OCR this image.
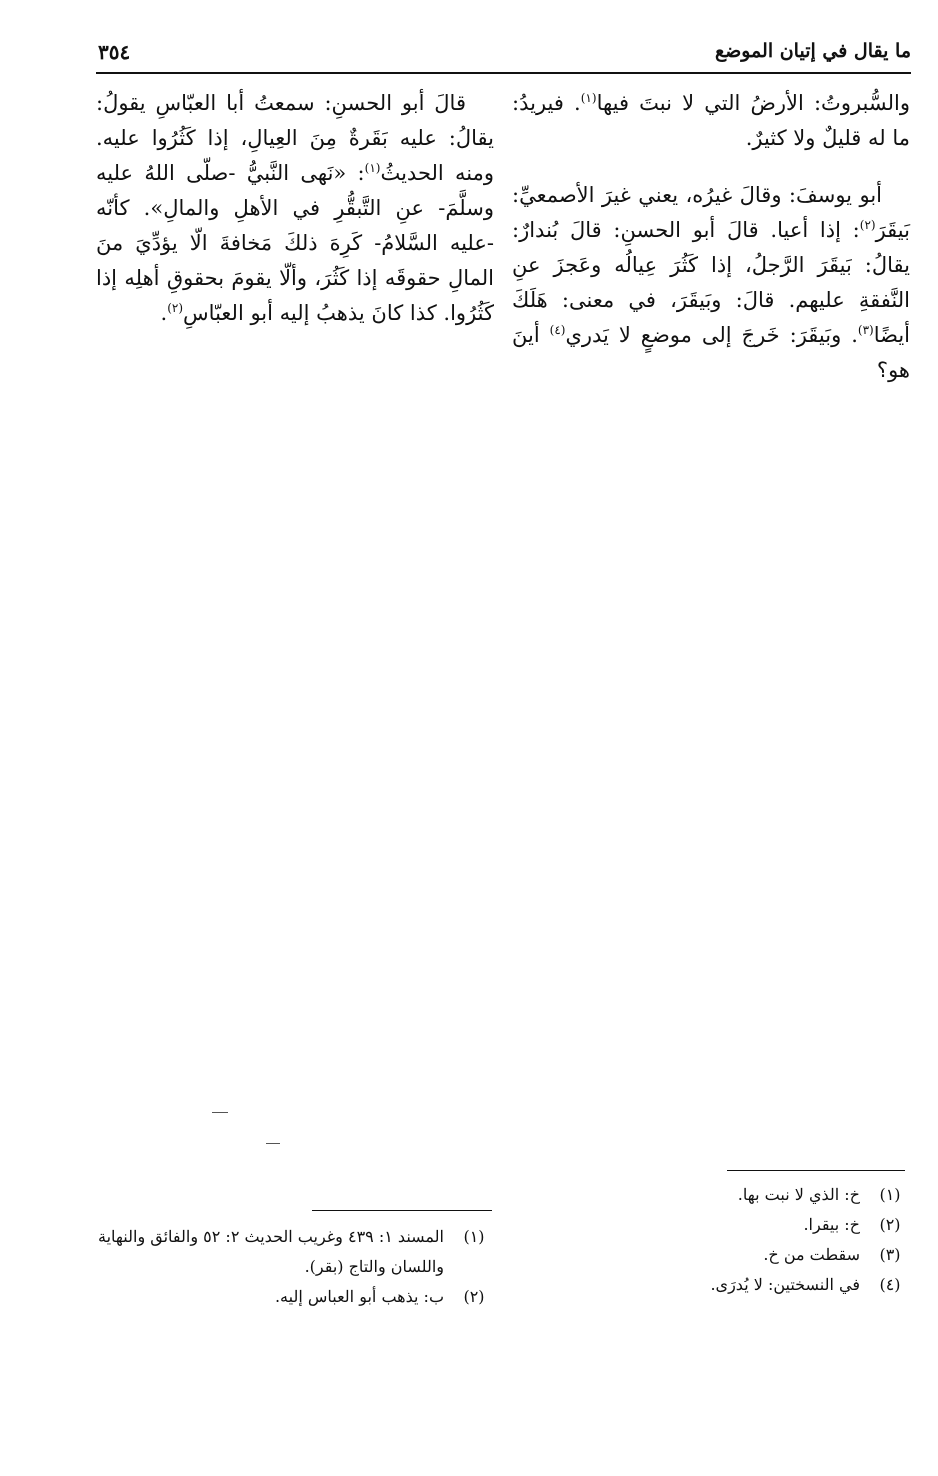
ما يقال في إتيان الموضع
٣٥٤

والسُّبروتُ: الأرضُ التي لا نبتَ فيها$^{(١)}$. فيريدُ: ما له قليلٌ ولا كثيرٌ.

أبو يوسفَ: وقالَ غيرُه، يعني غيرَ الأصمعيِّ: بَيقَرَ$^{(٢)}$: إذا أعيا. قالَ أبو الحسنِ: قالَ بُندارٌ: يقالُ: بَيقَرَ الرَّجلُ، إذا كَثُرَ عِيالُه وعَجزَ عنِ النَّفقةِ عليهم. قالَ: وبَيقَرَ، في معنى: هَلَكَ أيضًا$^{(٣)}$. وبَيقَرَ: خَرجَ إلى موضعٍ لا يَدري$^{(٤)}$ أينَ هو؟

قالَ أبو الحسنِ: سمعتُ أبا العبّاسِ يقولُ: يقالُ: عليه بَقَرةٌ مِنَ العِيالِ، إذا كَثُرُوا عليه. ومنه الحديثُ$^{(١)}$: «نَهى النَّبيُّ -صلّى اللهُ عليه وسلَّمَ- عنِ التَّبقُّرِ في الأهلِ والمالِ». كأنّه -عليه السَّلامُ- كَرِهَ ذلكَ مَخافةَ الّا يؤدِّيَ منَ المالِ حقوقَه إذا كَثُرَ، وألّا يقومَ بحقوقِ أهلِه إذا كَثُرُوا. كذا كانَ يذهبُ إليه أبو العبّاسِ$^{(٢)}$.

(١)
خ: الذي لا نبت بها.
(٢)
خ: بيقرا.
(٣)
سقطت من خ.
(٤)
في النسختين: لا يُدرَى.
(١)
المسند ١: ٤٣٩ وغريب الحديث ٢: ٥٢ والفائق والنهاية واللسان والتاج (بقر).
(٢)
ب: يذهب أبو العباس إليه.
